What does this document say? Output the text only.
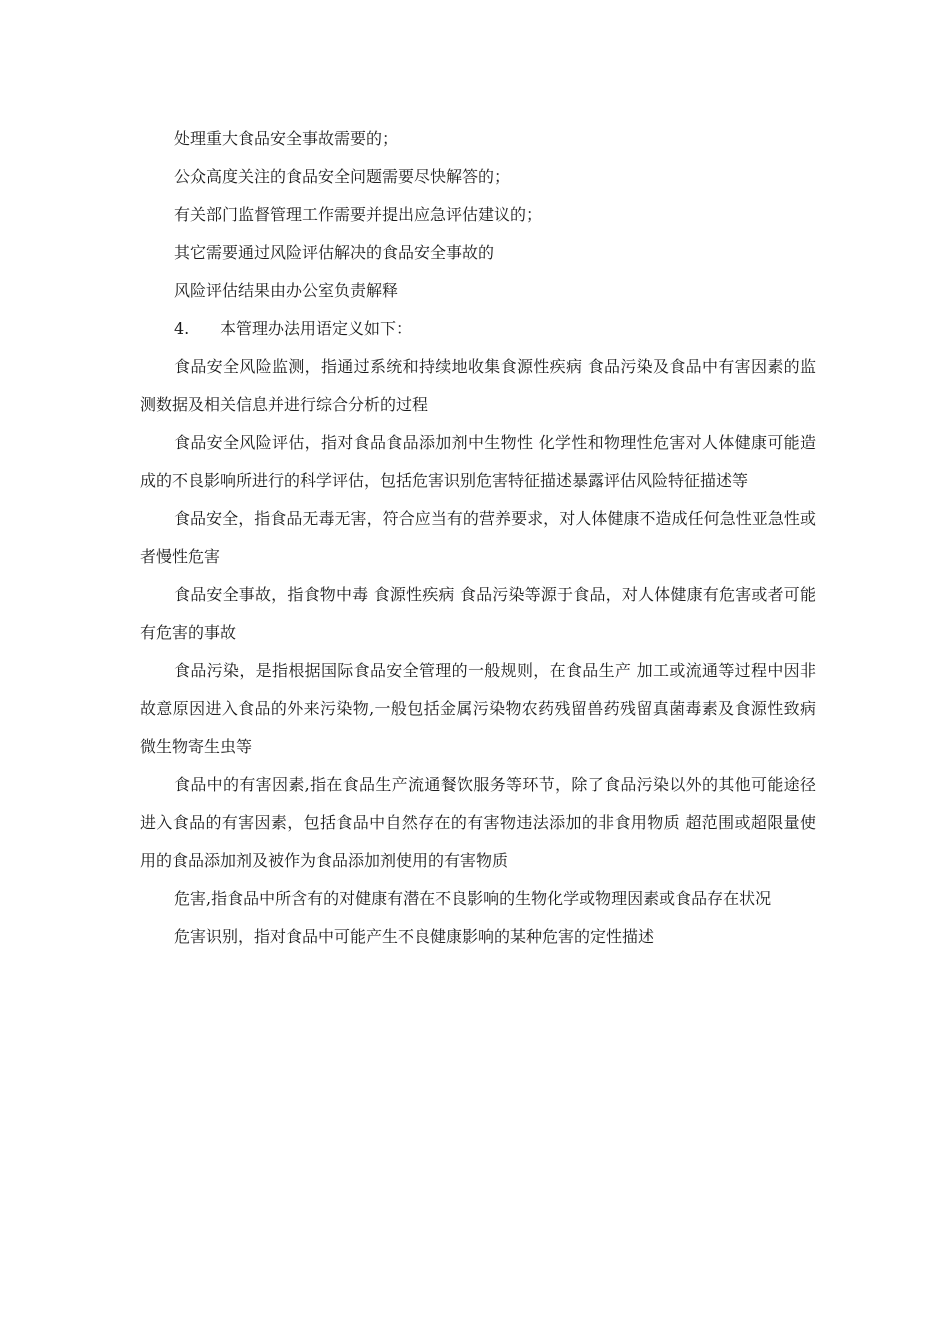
处理重大食品安全事故需要的；

公众高度关注的食品安全问题需要尽快解答的；

有关部门监督管理工作需要并提出应急评估建议的；

其它需要通过风险评估解决的食品安全事故的

风险评估结果由办公室负责解释

4. 本管理办法用语定义如下：

食品安全风险监测，指通过系统和持续地收集食源性疾病 食品污染及食品中有害因素的监测数据及相关信息并进行综合分析的过程

食品安全风险评估，指对食品食品添加剂中生物性 化学性和物理性危害对人体健康可能造成的不良影响所进行的科学评估，包括危害识别危害特征描述暴露评估风险特征描述等

食品安全，指食品无毒无害，符合应当有的营养要求，对人体健康不造成任何急性亚急性或者慢性危害

食品安全事故，指食物中毒 食源性疾病 食品污染等源于食品，对人体健康有危害或者可能有危害的事故

食品污染，是指根据国际食品安全管理的一般规则，在食品生产 加工或流通等过程中因非故意原因进入食品的外来污染物,一般包括金属污染物农药残留兽药残留真菌毒素及食源性致病微生物寄生虫等

食品中的有害因素,指在食品生产流通餐饮服务等环节，除了食品污染以外的其他可能途径进入食品的有害因素，包括食品中自然存在的有害物违法添加的非食用物质 超范围或超限量使用的食品添加剂及被作为食品添加剂使用的有害物质

危害,指食品中所含有的对健康有潜在不良影响的生物化学或物理因素或食品存在状况

危害识别，指对食品中可能产生不良健康影响的某种危害的定性描述
